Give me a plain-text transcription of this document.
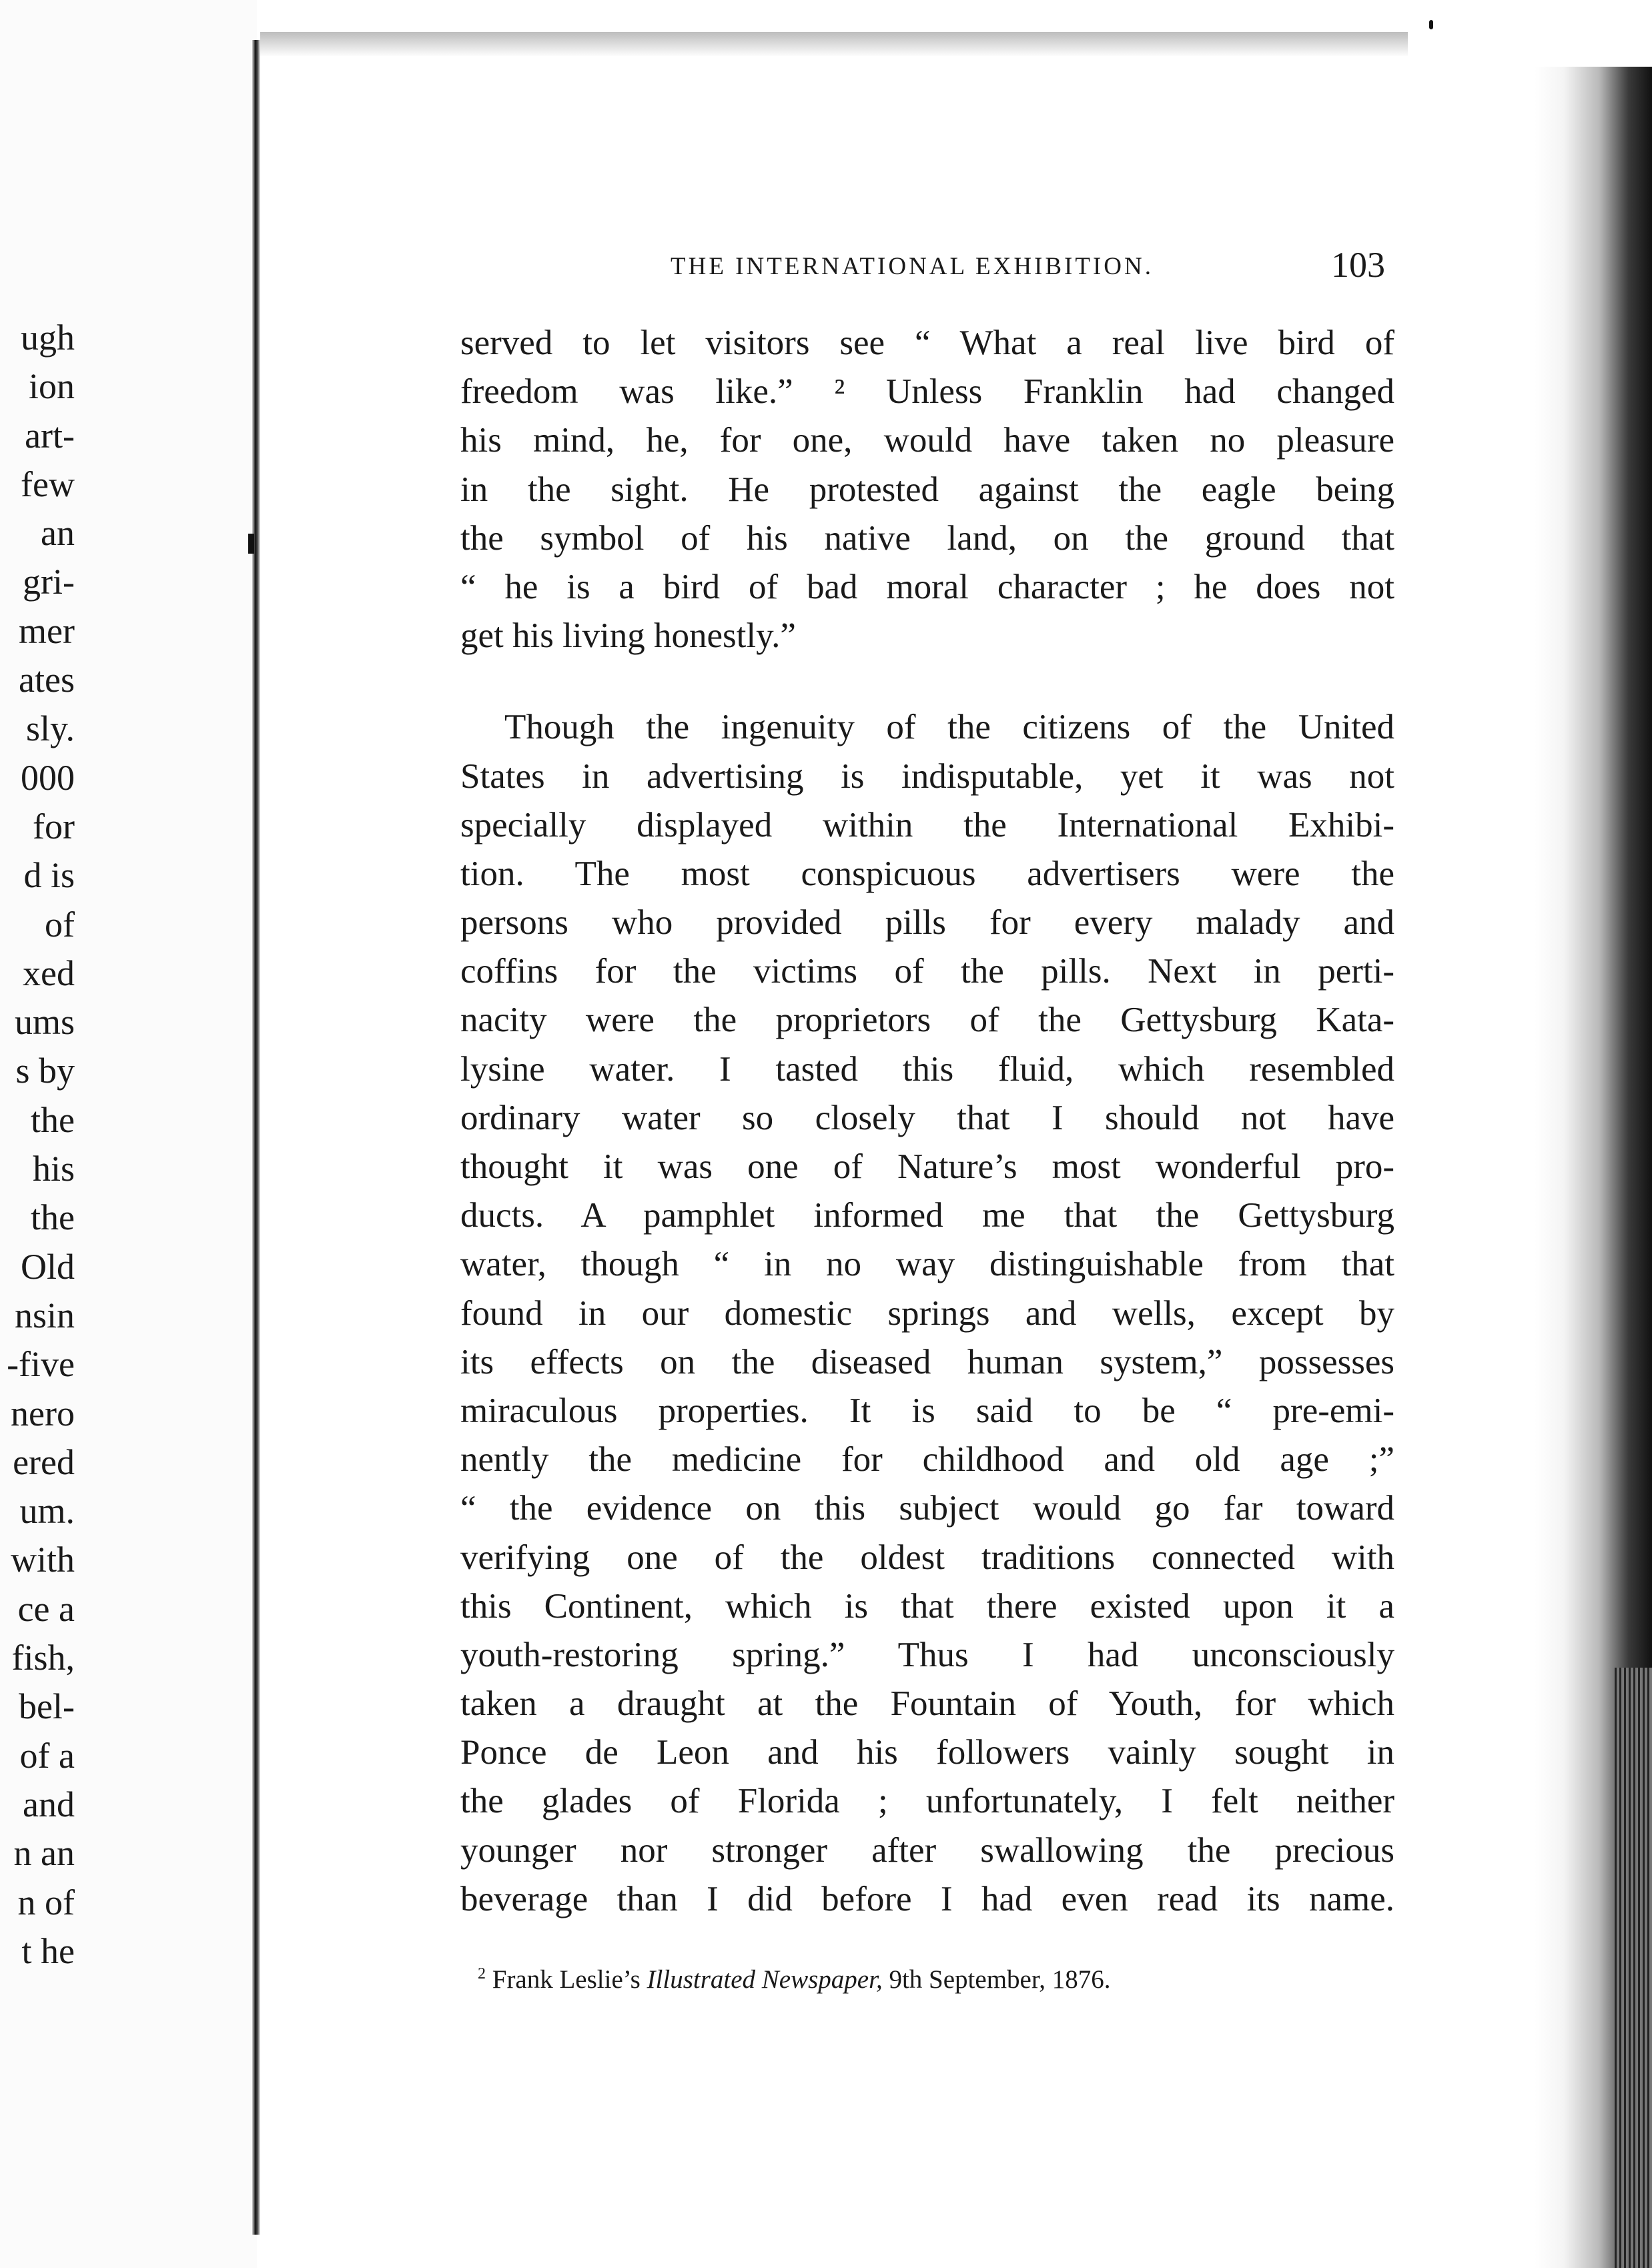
ugh
ion
art-
few
an
gri-
mer
ates
sly.
000
for
d is
of
xed
ums
s by
the
his
the
Old
nsin
-five
nero
ered
um.
with
ce a
fish,
bel-
of a
and
n an
n of
t he
THE INTERNATIONAL EXHIBITION.	103
served to let visitors see “ What a real live bird of
freedom was like.” ² Unless Franklin had changed
his mind, he, for one, would have taken no pleasure
in the sight. He protested against the eagle being
the symbol of his native land, on the ground that
“ he is a bird of bad moral character ; he does not
get his living honestly.”
Though the ingenuity of the citizens of the United
States in advertising is indisputable, yet it was not
specially displayed within the International Exhibi-
tion. The most conspicuous advertisers were the
persons who provided pills for every malady and
coffins for the victims of the pills. Next in perti-
nacity were the proprietors of the Gettysburg Kata-
lysine water. I tasted this fluid, which resembled
ordinary water so closely that I should not have
thought it was one of Nature’s most wonderful pro-
ducts. A pamphlet informed me that the Gettysburg
water, though “ in no way distinguishable from that
found in our domestic springs and wells, except by
its effects on the diseased human system,” possesses
miraculous properties. It is said to be “ pre-emi-
nently the medicine for childhood and old age ;”
“ the evidence on this subject would go far toward
verifying one of the oldest traditions connected with
this Continent, which is that there existed upon it a
youth-restoring spring.” Thus I had unconsciously
taken a draught at the Fountain of Youth, for which
Ponce de Leon and his followers vainly sought in
the glades of Florida ; unfortunately, I felt neither
younger nor stronger after swallowing the precious
beverage than I did before I had even read its name.
$^2$ Frank Leslie’s Illustrated Newspaper, 9th September, 1876.
